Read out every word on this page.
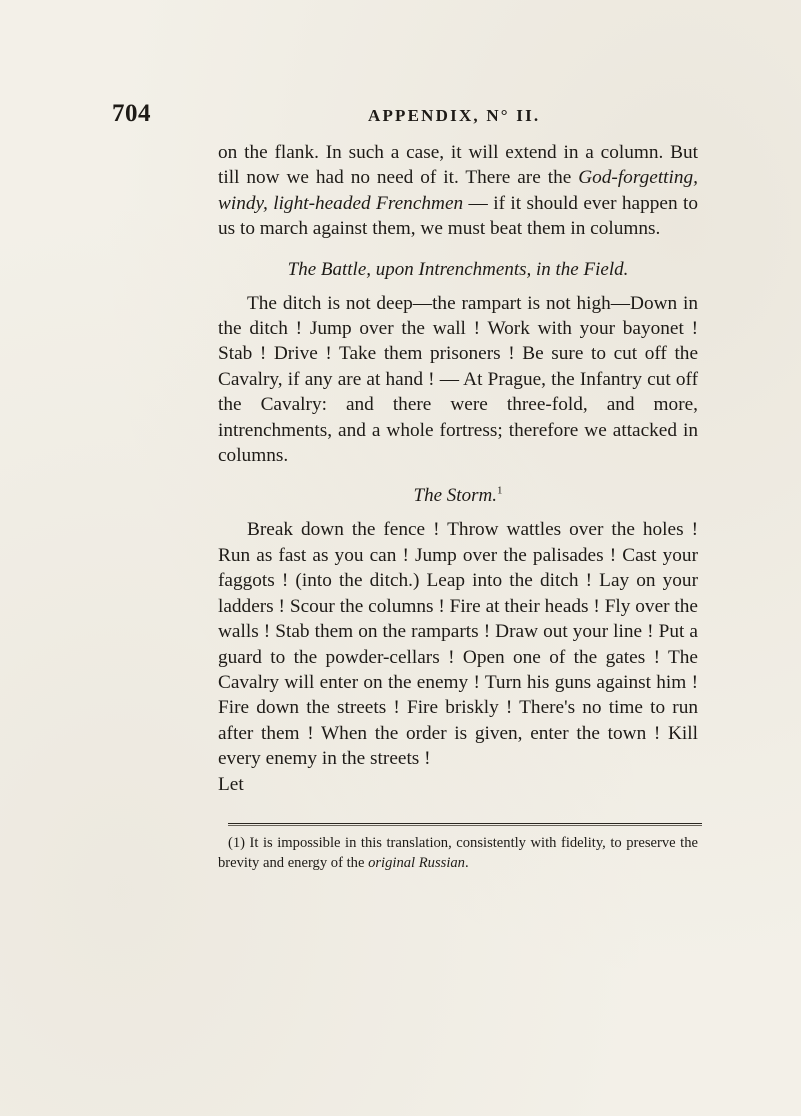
704	APPENDIX, N° II.

on the flank. In such a case, it will extend in a column. But till now we had no need of it. There are the God-forgetting, windy, light-headed Frenchmen — if it should ever happen to us to march against them, we must beat them in columns.

The Battle, upon Intrenchments, in the Field.

The ditch is not deep—the rampart is not high—Down in the ditch ! Jump over the wall ! Work with your bayonet ! Stab ! Drive ! Take them prisoners ! Be sure to cut off the Cavalry, if any are at hand ! — At Prague, the Infantry cut off the Cavalry: and there were three-fold, and more, intrenchments, and a whole fortress; therefore we attacked in columns.

The Storm.$^1$

Break down the fence ! Throw wattles over the holes ! Run as fast as you can ! Jump over the palisades ! Cast your faggots ! (into the ditch.) Leap into the ditch ! Lay on your ladders ! Scour the columns ! Fire at their heads ! Fly over the walls ! Stab them on the ramparts ! Draw out your line ! Put a guard to the powder-cellars ! Open one of the gates ! The Cavalry will enter on the enemy ! Turn his guns against him ! Fire down the streets ! Fire briskly ! There's no time to run after them ! When the order is given, enter the town ! Kill every enemy in the streets !

Let

(1) It is impossible in this translation, consistently with fidelity, to preserve the brevity and energy of the original Russian.
